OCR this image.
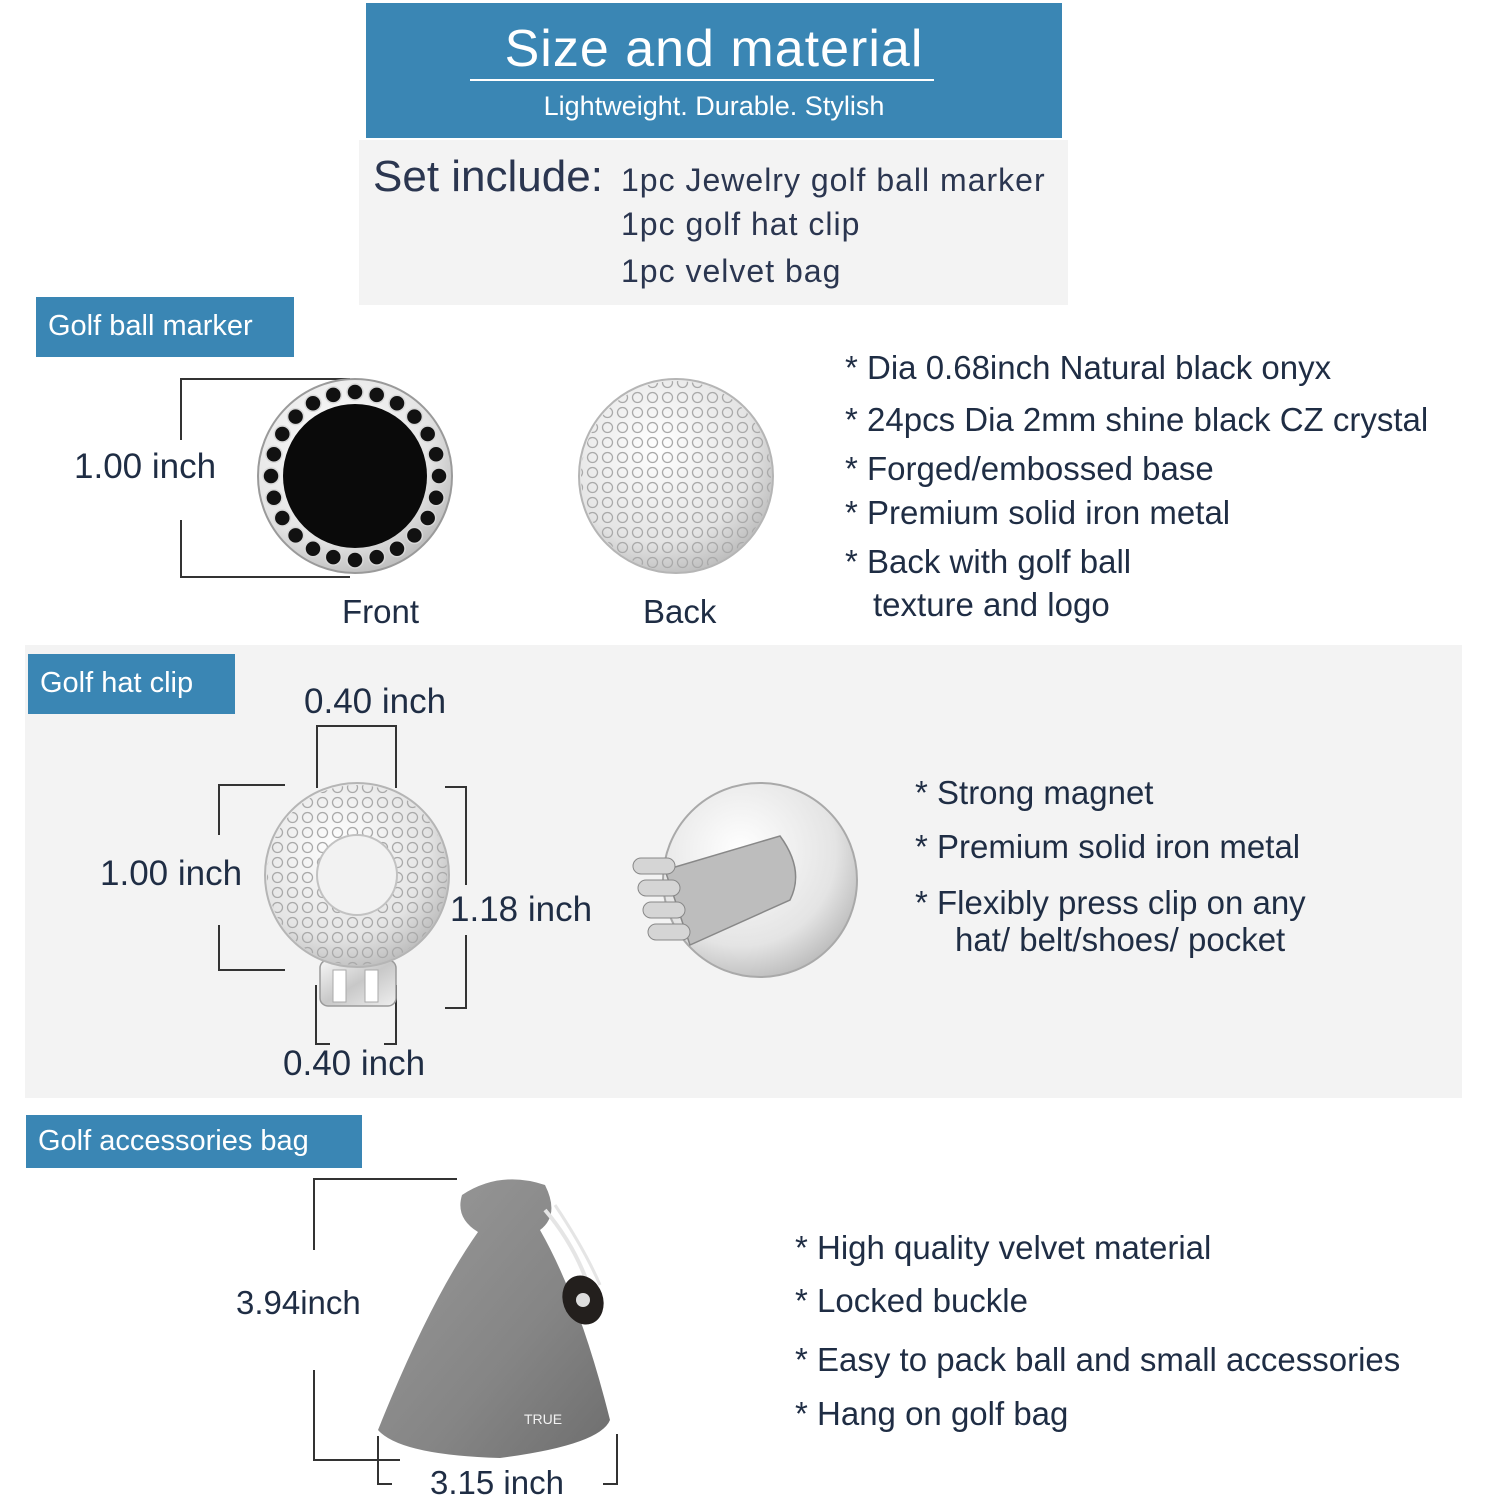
Size and material
Lightweight. Durable. Stylish
Set include: 1pc Jewelry golf ball marker
1pc golf hat clip
1pc velvet bag
Golf ball marker
Golf hat clip
Golf accessories bag
TRUE
1.00 inch
Front	Back
* Dia 0.68inch Natural black onyx
* 24pcs Dia 2mm shine black CZ crystal
* Forged/embossed base
* Premium solid iron metal
* Back with golf ball
texture and logo
0.40 inch
1.00 inch
1.18 inch
0.40 inch
* Strong magnet
* Premium solid iron metal
* Flexibly press clip on any
hat/ belt/shoes/ pocket
3.94inch
3.15 inch
* High quality velvet material
* Locked buckle
* Easy to pack ball and small accessories
* Hang on golf bag
